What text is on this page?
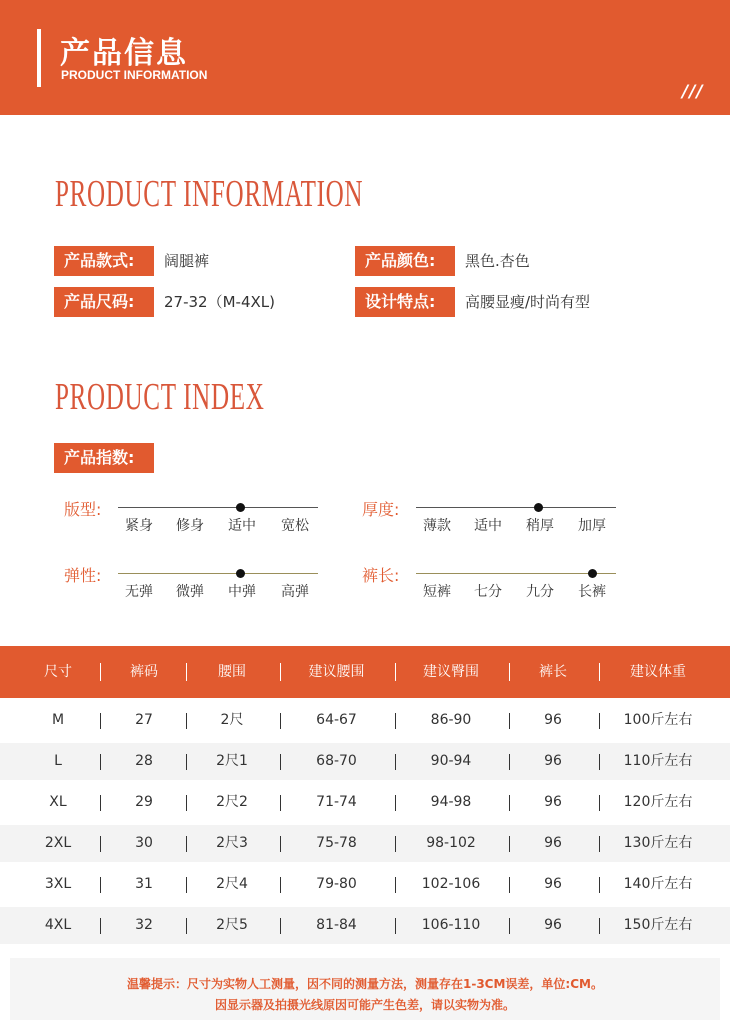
产品信息
PRODUCT INFORMATION
///
PRODUCT INFORMATION
产品款式:	阔腿裤	产品颜色:	黑色.杏色
产品尺码:	27-32（M-4XL)	设计特点:	高腰显瘦/时尚有型
PRODUCT INDEX
产品指数:
版型:
紧身	修身	适中	宽松
厚度:
薄款	适中	稍厚	加厚
弹性:
无弹	微弹	中弹	高弹
裤长:
短裤	七分	九分	长裤
尺寸	裤码	腰围	建议腰围	建议臀围	裤长	建议体重
M	27	2尺	64-67	86-90	96	100斤左右
L	28	2尺1	68-70	90-94	96	110斤左右
XL	29	2尺2	71-74	94-98	96	120斤左右
2XL	30	2尺3	75-78	98-102	96	130斤左右
3XL	31	2尺4	79-80	102-106	96	140斤左右
4XL	32	2尺5	81-84	106-110	96	150斤左右
温馨提示：尺寸为实物人工测量，因不同的测量方法，测量存在1-3CM误差，单位:CM。
因显示器及拍摄光线原因可能产生色差，请以实物为准。
